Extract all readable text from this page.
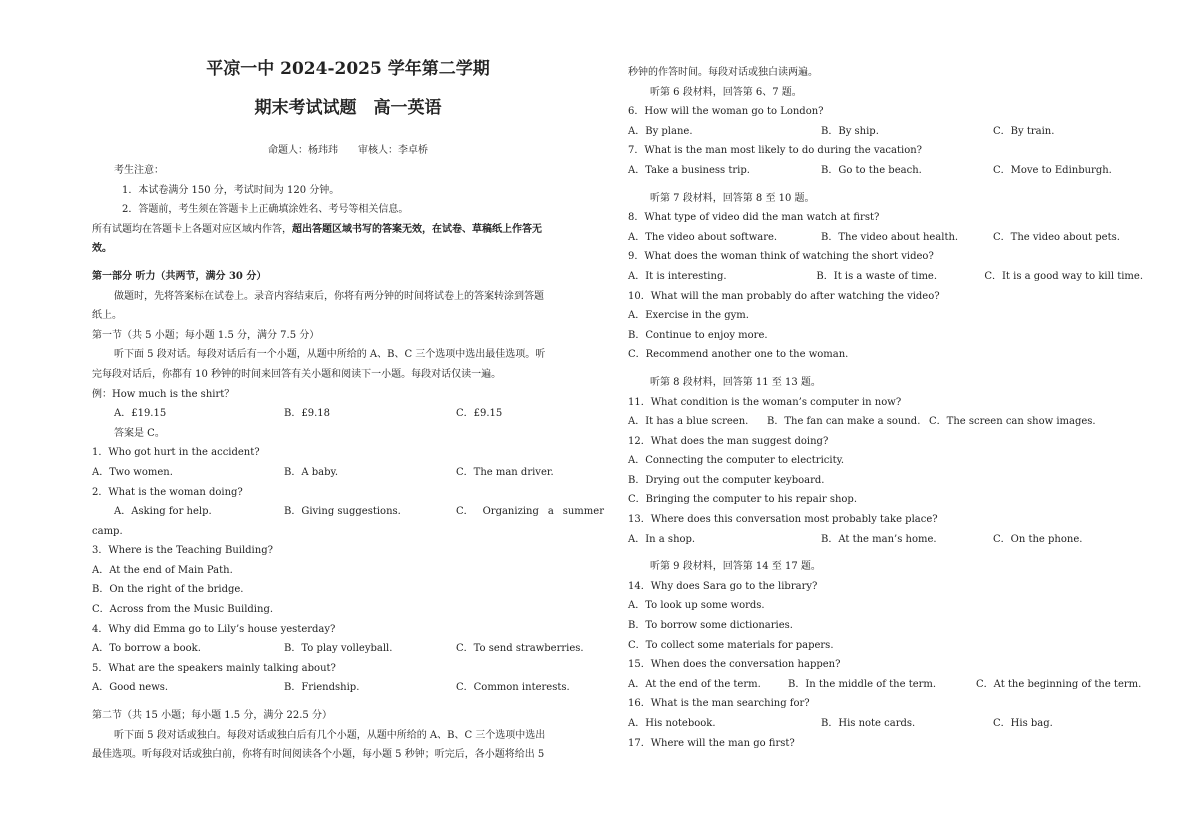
平凉一中 2024-2025 学年第二学期
期末考试试题　高一英语
命题人：杨玮玮　　审核人：李卓桥
考生注意：
1．本试卷满分 150 分，考试时间为 120 分钟。
2．答题前，考生须在答题卡上正确填涂姓名、考号等相关信息。
所有试题均在答题卡上各题对应区域内作答，超出答题区域书写的答案无效，在试卷、草稿纸上作答无
效。
第一部分 听力（共两节，满分 30 分）
做题时，先将答案标在试卷上。录音内容结束后，你将有两分钟的时间将试卷上的答案转涂到答题
纸上。
第一节（共 5 小题；每小题 1.5 分，满分 7.5 分）
听下面 5 段对话。每段对话后有一个小题，从题中所给的 A、B、C 三个选项中选出最佳选项。听
完每段对话后，你都有 10 秒钟的时间来回答有关小题和阅读下一小题。每段对话仅读一遍。
例：How much is the shirt？
A．£19.15	B．£9.18	C．£9.15
答案是 C。
1．Who got hurt in the accident?
A．Two women.	B．A baby.	C．The man driver.
2．What is the woman doing?
A．Asking for help.	B．Giving suggestions.	C． Organizing a summer
camp.
3．Where is the Teaching Building?
A．At the end of Main Path.
B．On the right of the bridge.
C．Across from the Music Building.
4．Why did Emma go to Lily’s house yesterday?
A．To borrow a book.	B．To play volleyball.	C．To send strawberries.
5．What are the speakers mainly talking about?
A．Good news.	B．Friendship.	C．Common interests.
第二节（共 15 小题；每小题 1.5 分，满分 22.5 分）
听下面 5 段对话或独白。每段对话或独白后有几个小题，从题中所给的 A、B、C 三个选项中选出
最佳选项。听每段对话或独白前，你将有时间阅读各个小题，每小题 5 秒钟；听完后，各小题将给出 5
秒钟的作答时间。每段对话或独白读两遍。
听第 6 段材料，回答第 6、7 题。
6．How will the woman go to London?
A．By plane.	B．By ship.	C．By train.
7．What is the man most likely to do during the vacation?
A．Take a business trip.	B．Go to the beach.	C．Move to Edinburgh.
听第 7 段材料，回答第 8 至 10 题。
8．What type of video did the man watch at first?
A．The video about software.	B．The video about health.	C．The video about pets.
9．What does the woman think of watching the short video?
A．It is interesting.	B．It is a waste of time.	C．It is a good way to kill time.
10．What will the man probably do after watching the video?
A．Exercise in the gym.
B．Continue to enjoy more.
C．Recommend another one to the woman.
听第 8 段材料，回答第 11 至 13 题。
11．What condition is the woman’s computer in now?
A．It has a blue screen.	B．The fan can make a sound. C．The screen can show images.
12．What does the man suggest doing?
A．Connecting the computer to electricity.
B．Drying out the computer keyboard.
C．Bringing the computer to his repair shop.
13．Where does this conversation most probably take place?
A．In a shop.	B．At the man’s home.	C．On the phone.
听第 9 段材料，回答第 14 至 17 题。
14．Why does Sara go to the library?
A．To look up some words.
B．To borrow some dictionaries.
C．To collect some materials for papers.
15．When does the conversation happen?
A．At the end of the term.	B．In the middle of the term.	C．At the beginning of the term.
16．What is the man searching for?
A．His notebook.	B．His note cards.	C．His bag.
17．Where will the man go first?
